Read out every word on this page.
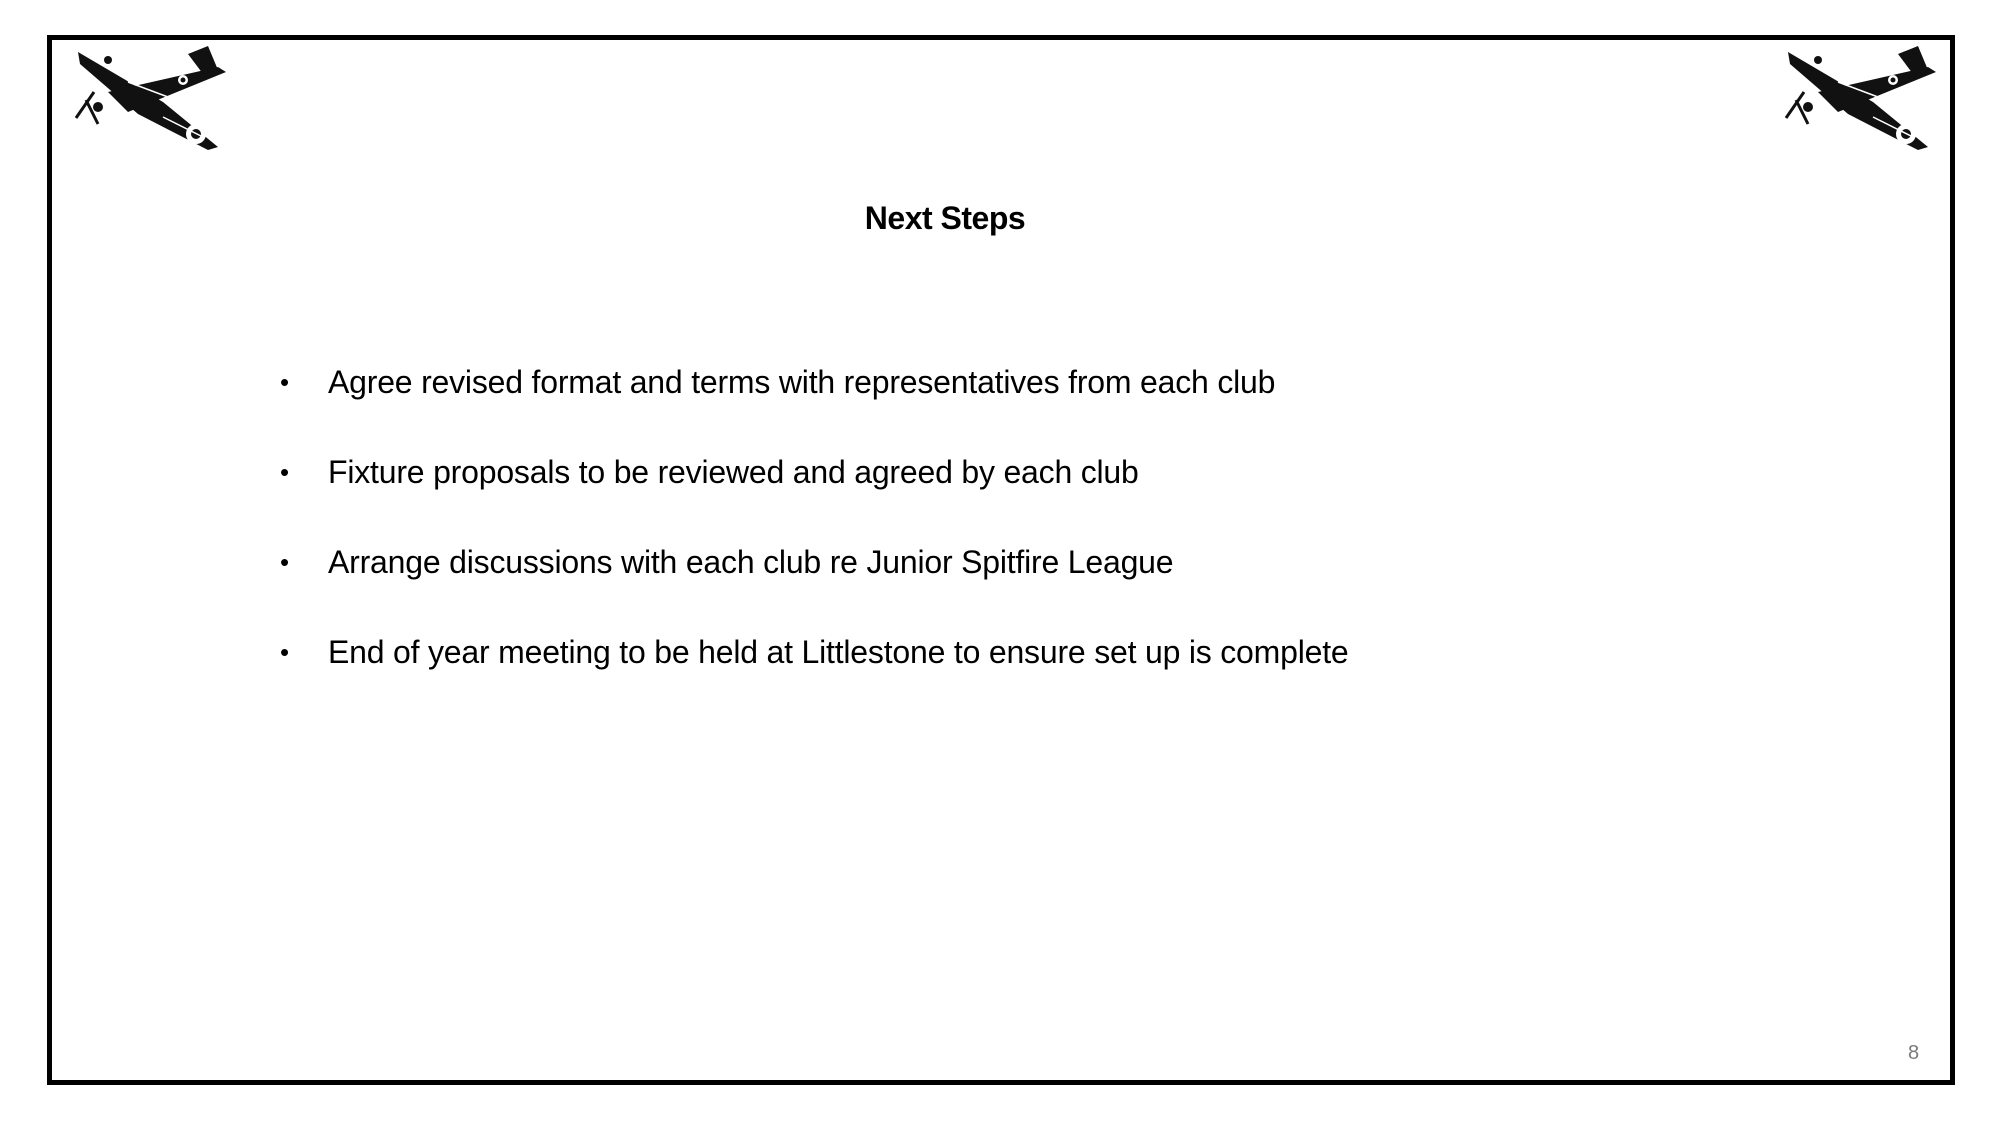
Next Steps
• Agree revised format and terms with representatives from each club
• Fixture proposals to be reviewed and agreed by each club
• Arrange discussions with each club re Junior Spitfire League
• End of year meeting to be held at Littlestone to ensure set up is complete
8
